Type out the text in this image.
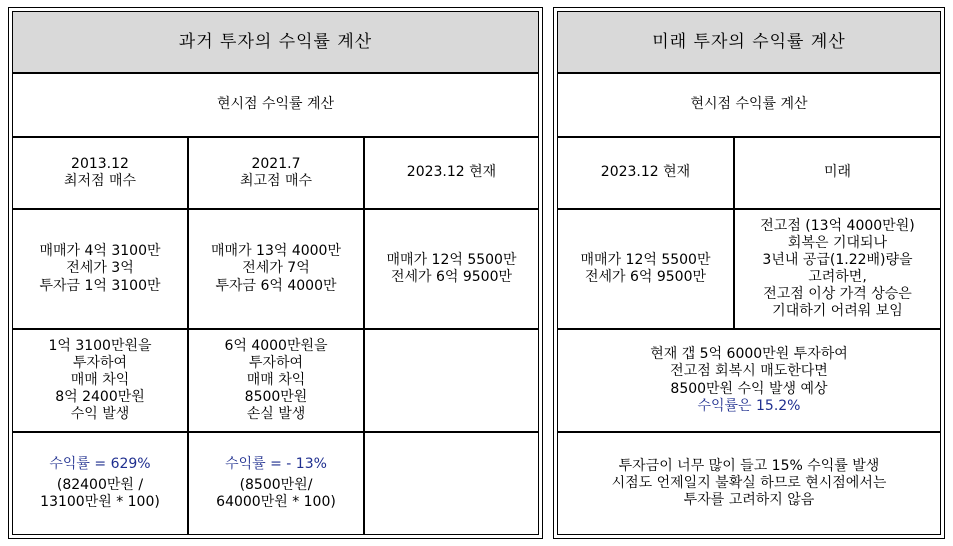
과거 투자의 수익률 계산
현시점 수익률 계산
2013.12
최저점 매수
2021.7
최고점 매수
2023.12 현재
매매가 4억 3100만
전세가 3억
투자금 1억 3100만
매매가 13억 4000만
전세가 7억
투자금 6억 4000만
매매가 12억 5500만
전세가 6억 9500만
1억 3100만원을
투자하여
매매 차익
8억 2400만원
수익 발생
6억 4000만원을
투자하여
매매 차익
8500만원
손실 발생
수익률 = 629%
(82400만원 /
13100만원 * 100)
수익률 = - 13%
(8500만원/
64000만원 * 100)
미래 투자의 수익률 계산
현시점 수익률 계산
2023.12 현재	미래
매매가 12억 5500만
전세가 6억 9500만
전고점 (13억 4000만원)
회복은 기대되나
3년내 공급(1.22배)량을
고려하면,
전고점 이상 가격 상승은
기대하기 어려워 보임
현재 갭 5억 6000만원 투자하여
전고점 회복시 매도한다면
8500만원 수익 발생 예상
수익률은 15.2%
투자금이 너무 많이 들고 15% 수익률 발생
시점도 언제일지 불확실 하므로 현시점에서는
투자를 고려하지 않음
